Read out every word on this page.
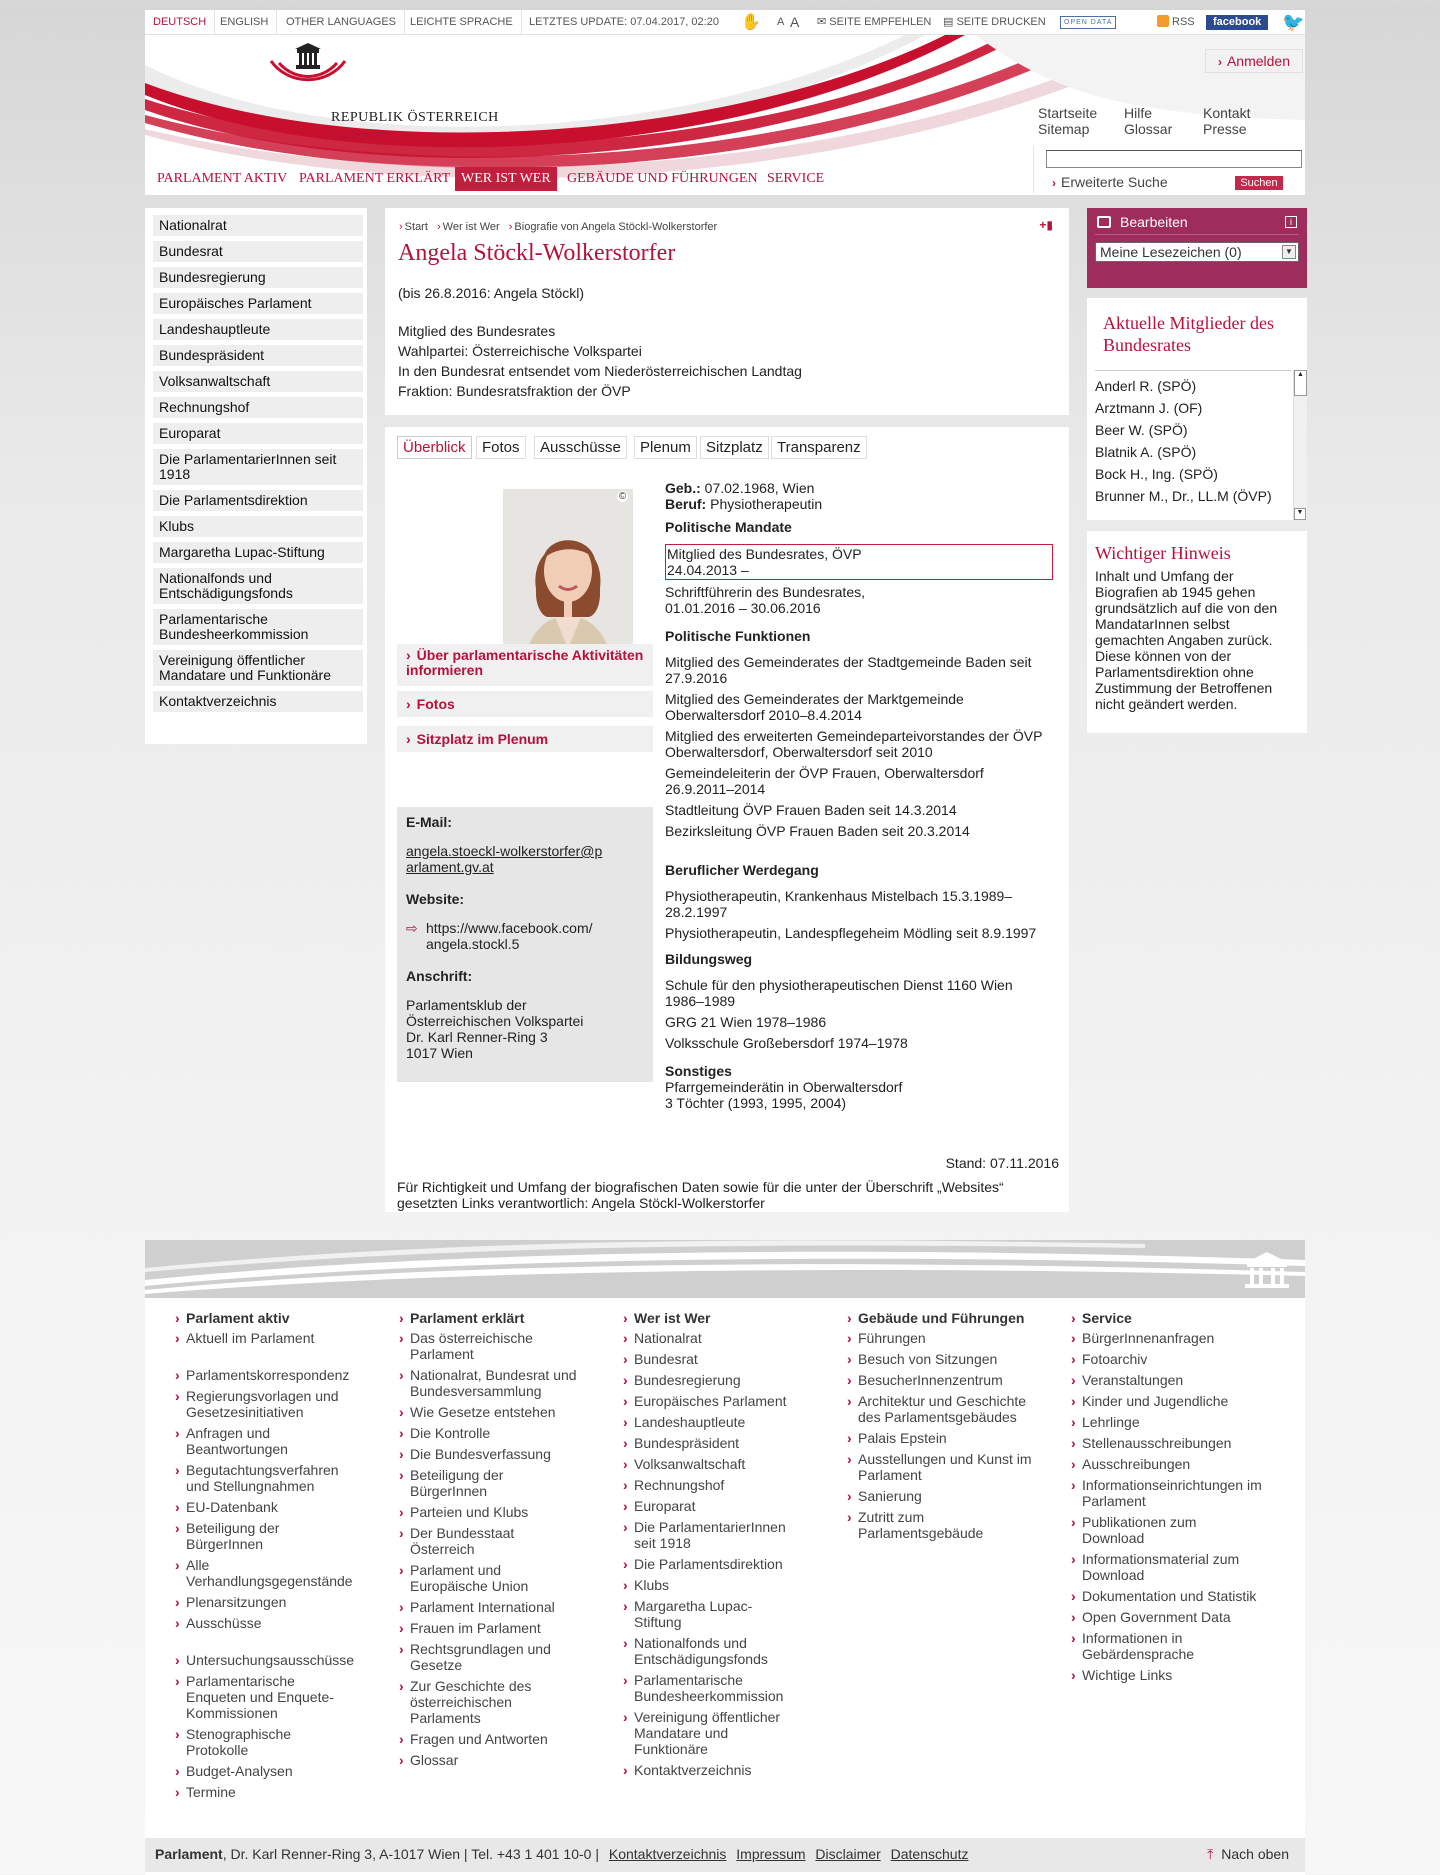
DEUTSCH	ENGLISH	OTHER LANGUAGES	LEICHTE SPRACHE	LETZTES UPDATE: 07.04.2017, 02:20	✋ A A ✉ SEITE EMPFEHLEN ▤ SEITE DRUCKEN	OPEN DATA	RSS	facebook	🐦
REPUBLIK ÖSTERREICH
Parlament
› Anmelden
Startseite
Sitemap
Hilfe
Glossar
Kontakt
Presse
› Erweiterte Suche	Suchen
PARLAMENT AKTIV PARLAMENT ERKLÄRT WER IST WER	GEBÄUDE UND FÜHRUNGEN SERVICE
Nationalrat
Bundesrat
Bundesregierung
Europäisches Parlament
Landeshauptleute
Bundespräsident
Volksanwaltschaft
Rechnungshof
Europarat
Die ParlamentarierInnen seit 1918
Die Parlamentsdirektion
Klubs
Margaretha Lupac-Stiftung
Nationalfonds und Entschädigungsfonds
Parlamentarische Bundesheerkommission
Vereinigung öffentlicher Mandatare und Funktionäre
Kontaktverzeichnis
› Start › Wer ist Wer › Biografie von Angela Stöckl-Wolkerstorfer	+▮
Angela Stöckl-Wolkerstorfer
(bis 26.8.2016: Angela Stöckl)
Mitglied des Bundesrates
Wahlpartei: Österreichische Volkspartei
In den Bundesrat entsendet vom Niederösterreichischen Landtag
Fraktion: Bundesratsfraktion der ÖVP
Überblick	Fotos	Ausschüsse	Plenum	Sitzplatz Transparenz
©
› Über parlamentarische Aktivitäten informieren
› Fotos
› Sitzplatz im Plenum
E-Mail:
angela.stoeckl-wolkerstorfer@parlament.gv.at
Website:
⇨ https://www.facebook.com/ angela.stockl.5
Anschrift:
Parlamentsklub der
Österreichischen Volkspartei
Dr. Karl Renner-Ring 3
1017 Wien
Geb.: 07.02.1968, Wien
Beruf: Physiotherapeutin
Politische Mandate
Mitglied des Bundesrates, ÖVP
24.04.2013 –
Schriftführerin des Bundesrates,
01.01.2016 – 30.06.2016
Politische Funktionen
Mitglied des Gemeinderates der Stadtgemeinde Baden seit 27.9.2016
Mitglied des Gemeinderates der Marktgemeinde Oberwaltersdorf 2010–8.4.2014
Mitglied des erweiterten Gemeindeparteivorstandes der ÖVP Oberwaltersdorf, Oberwaltersdorf seit 2010
Gemeindeleiterin der ÖVP Frauen, Oberwaltersdorf 26.9.2011–2014
Stadtleitung ÖVP Frauen Baden seit 14.3.2014
Bezirksleitung ÖVP Frauen Baden seit 20.3.2014
Beruflicher Werdegang
Physiotherapeutin, Krankenhaus Mistelbach 15.3.1989–28.2.1997
Physiotherapeutin, Landespflegeheim Mödling seit 8.9.1997
Bildungsweg
Schule für den physiotherapeutischen Dienst 1160 Wien 1986–1989
GRG 21 Wien 1978–1986
Volksschule Großebersdorf 1974–1978
Sonstiges
Pfarrgemeinderätin in Oberwaltersdorf
3 Töchter (1993, 1995, 2004)
Stand: 07.11.2016
Für Richtigkeit und Umfang der biografischen Daten sowie für die unter der Überschrift „Websites“ gesetzten Links verantwortlich: Angela Stöckl-Wolkerstorfer
Bearbeiten	i
Meine Lesezeichen (0)	▼
Aktuelle Mitglieder des Bundesrates
Anderl R. (SPÖ)
Arztmann J. (OF)
Beer W. (SPÖ)
Blatnik A. (SPÖ)
Bock H., Ing. (SPÖ)
Brunner M., Dr., LL.M (ÖVP)
▲
▼
Wichtiger Hinweis
Inhalt und Umfang der Biografien ab 1945 gehen grundsätzlich auf die von den MandatarInnen selbst gemachten Angaben zurück. Diese können von der Parlamentsdirektion ohne Zustimmung der Betroffenen nicht geändert werden.
› Parlament aktiv
› Aktuell im Parlament
› Parlamentskorrespondenz
› Regierungsvorlagen und Gesetzesinitiativen
› Anfragen und Beantwortungen
› Begutachtungsverfahren und Stellungnahmen
› EU-Datenbank
› Beteiligung der BürgerInnen
› Alle Verhandlungsgegenstände
› Plenarsitzungen
› Ausschüsse
› Untersuchungsausschüsse
› Parlamentarische Enqueten und Enquete-Kommissionen
› Stenographische Protokolle
› Budget-Analysen
› Termine
› Parlament erklärt
› Das österreichische Parlament
› Nationalrat, Bundesrat und Bundesversammlung
› Wie Gesetze entstehen
› Die Kontrolle
› Die Bundesverfassung
› Beteiligung der BürgerInnen
› Parteien und Klubs
› Der Bundesstaat Österreich
› Parlament und Europäische Union
› Parlament International
› Frauen im Parlament
› Rechtsgrundlagen und Gesetze
› Zur Geschichte des österreichischen Parlaments
› Fragen und Antworten
› Glossar
› Wer ist Wer
› Nationalrat
› Bundesrat
› Bundesregierung
› Europäisches Parlament
› Landeshauptleute
› Bundespräsident
› Volksanwaltschaft
› Rechnungshof
› Europarat
› Die ParlamentarierInnen seit 1918
› Die Parlamentsdirektion
› Klubs
› Margaretha Lupac-Stiftung
› Nationalfonds und Entschädigungsfonds
› Parlamentarische Bundesheerkommission
› Vereinigung öffentlicher Mandatare und Funktionäre
› Kontaktverzeichnis
› Gebäude und Führungen
› Führungen
› Besuch von Sitzungen
› BesucherInnenzentrum
› Architektur und Geschichte des Parlamentsgebäudes
› Palais Epstein
› Ausstellungen und Kunst im Parlament
› Sanierung
› Zutritt zum Parlamentsgebäude
› Service
› BürgerInnenanfragen
› Fotoarchiv
› Veranstaltungen
› Kinder und Jugendliche
› Lehrlinge
› Stellenausschreibungen
› Ausschreibungen
› Informationseinrichtungen im Parlament
› Publikationen zum Download
› Informationsmaterial zum Download
› Dokumentation und Statistik
› Open Government Data
› Informationen in Gebärdensprache
› Wichtige Links
Parlament, Dr. Karl Renner-Ring 3, A-1017 Wien | Tel. +43 1 401 10-0 | Kontaktverzeichnis Impressum Disclaimer Datenschutz	⤒ Nach oben
